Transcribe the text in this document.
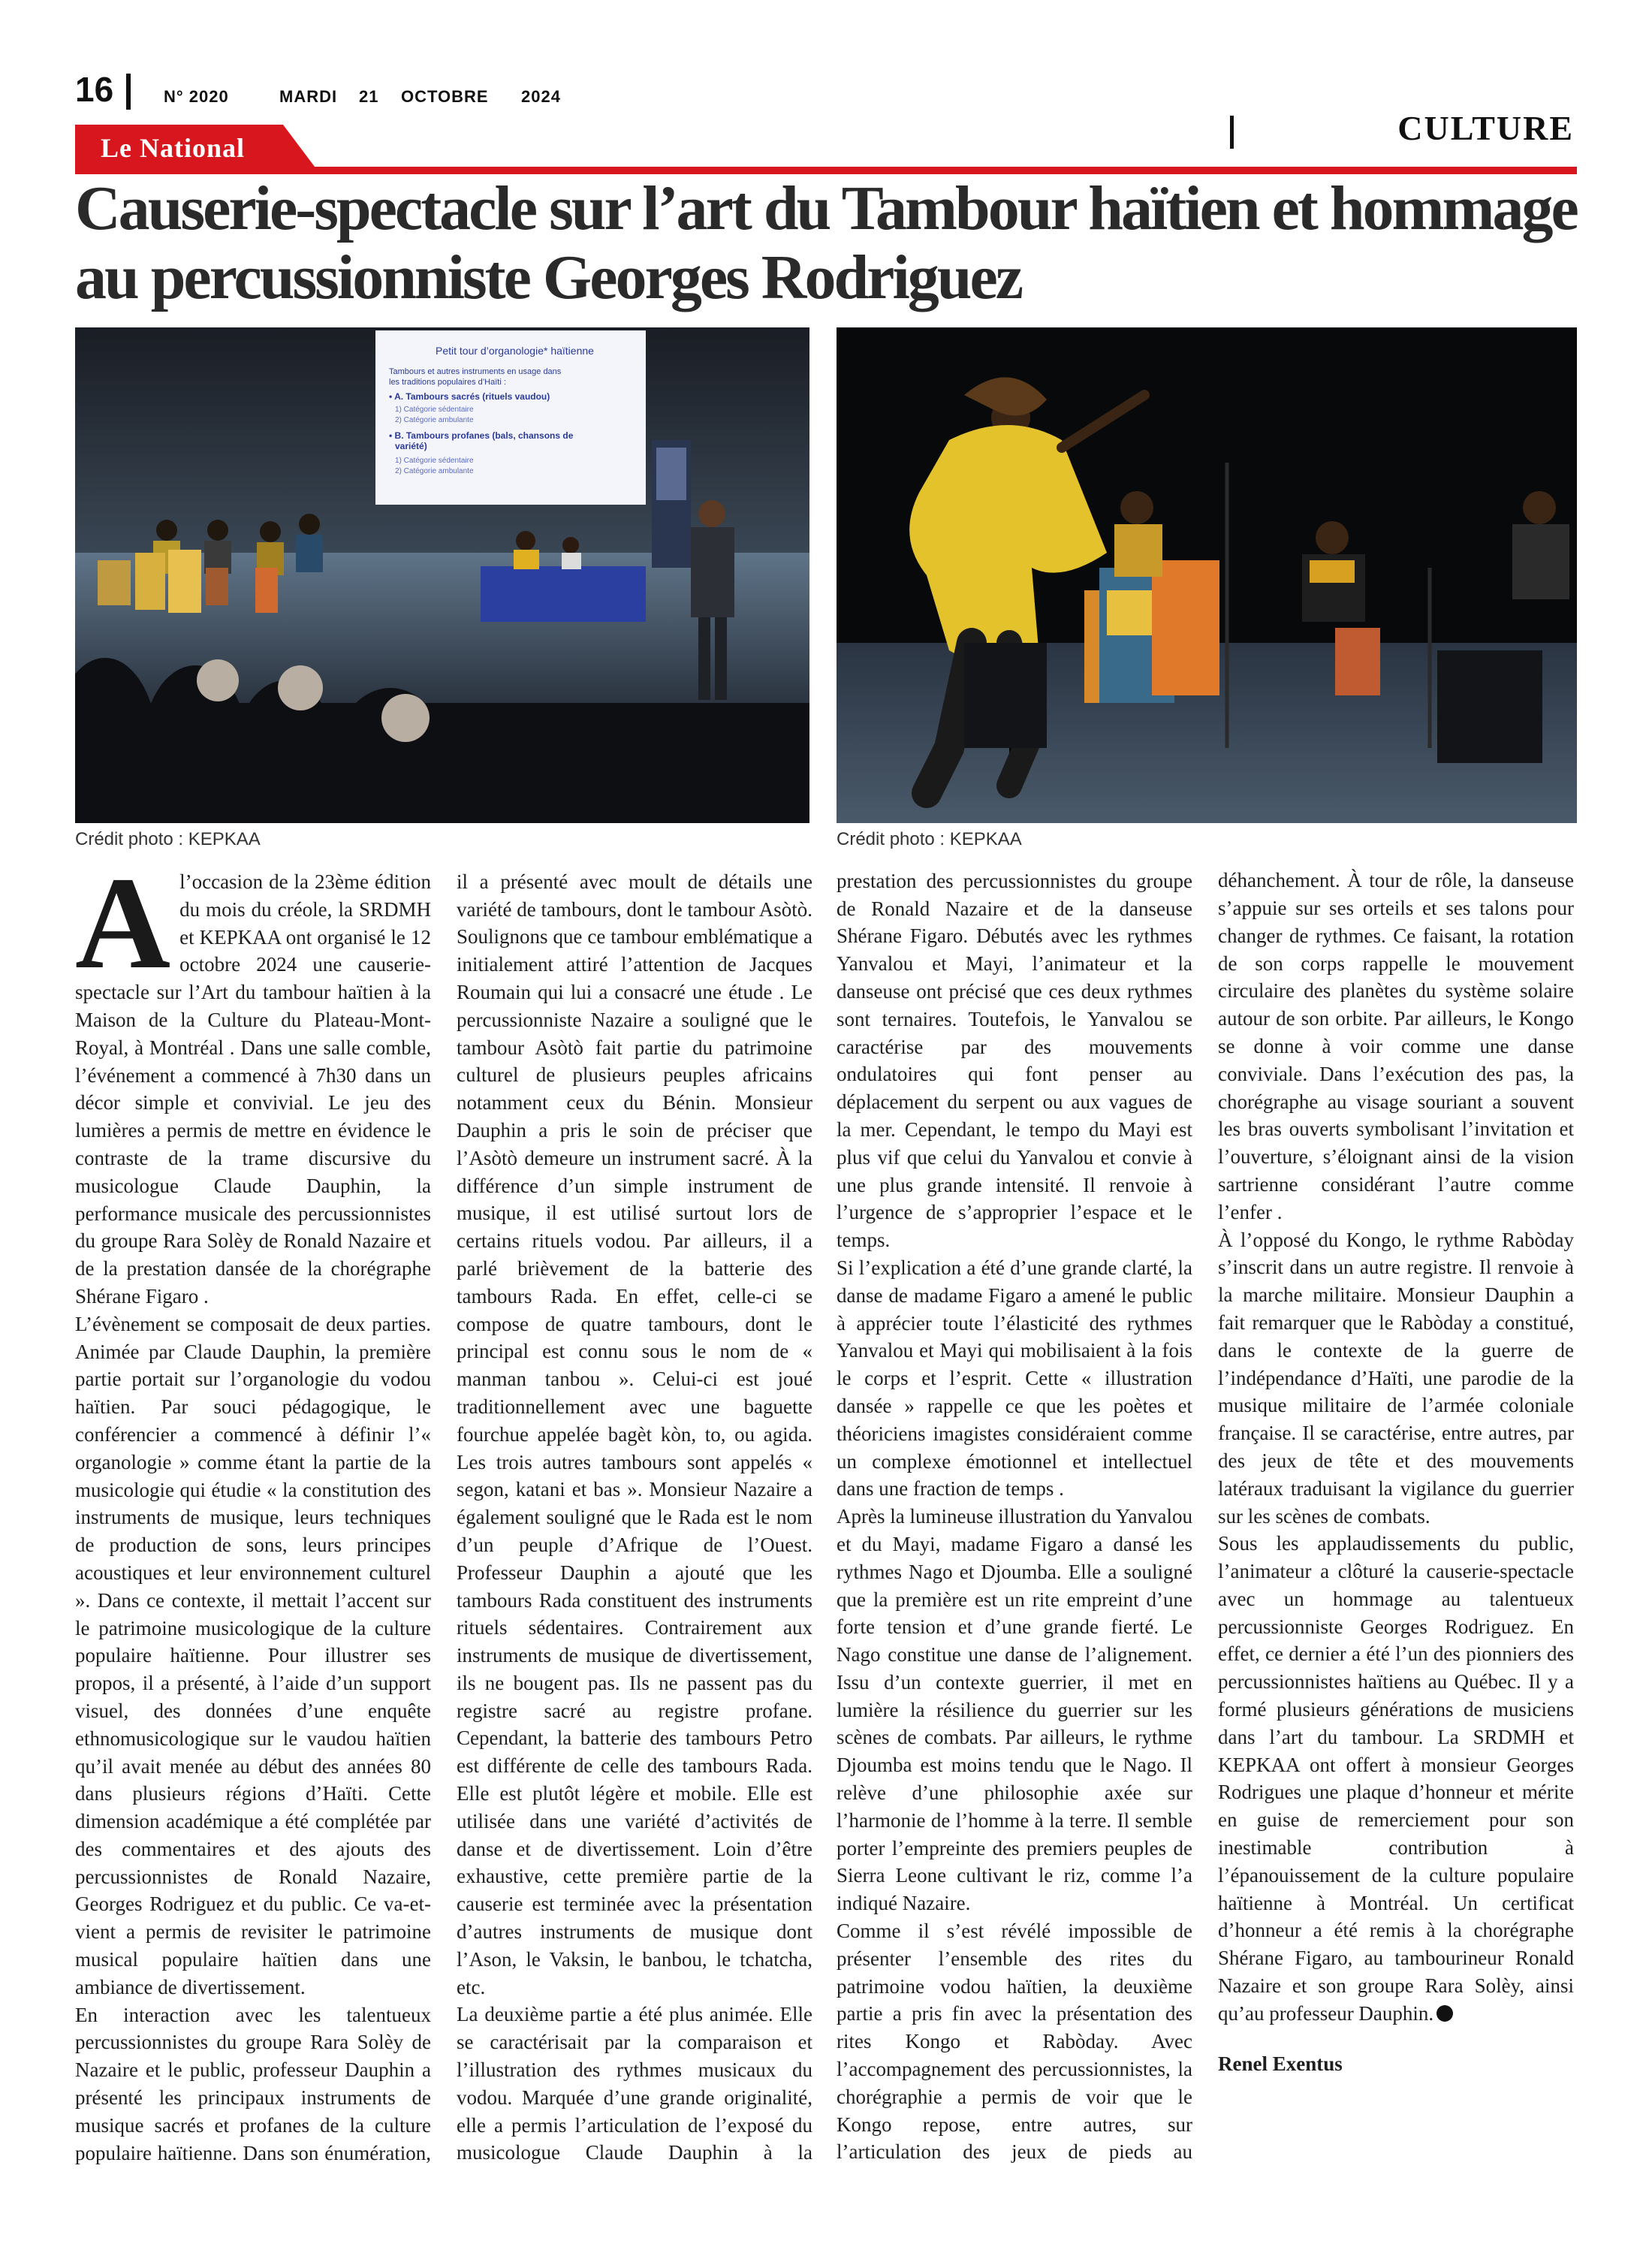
16	N° 2020	MARDI 21 OCTOBRE 2024
CULTURE
Le National
Causerie-spectacle sur l’art du Tambour haïtien et hommage au percussionniste Georges Rodriguez
Petit tour d’organologie* haïtienne
Tambours et autres instruments en usage dans
les traditions populaires d’Haïti :
• A. Tambours sacrés (rituels vaudou)
1) Catégorie sédentaire
2) Catégorie ambulante
• B. Tambours profanes (bals, chansons de
variété)
1) Catégorie sédentaire
2) Catégorie ambulante
Crédit photo : KEPKAA	Crédit photo : KEPKAA

Al’occasion de la 23ème édition du mois du créole, la SRDMH et KEPKAA ont organisé le 12 octobre 2024 une causerie-spectacle sur l’Art du tambour haïtien à la Maison de la Culture du Plateau-Mont-Royal, à Montréal . Dans une salle comble, l’événement a commencé à 7h30 dans un décor simple et convivial. Le jeu des lumières a permis de mettre en évidence le contraste de la trame discursive du musicologue Claude Dauphin, la performance musicale des percussionnistes du groupe Rara Solèy de Ronald Nazaire et de la prestation dansée de la chorégraphe Shérane Figaro .

L’évènement se composait de deux parties. Animée par Claude Dauphin, la première partie portait sur l’organologie du vodou haïtien. Par souci pédagogique, le conférencier a commencé à définir l’« organologie » comme étant la partie de la musicologie qui étudie « la constitution des instruments de musique, leurs techniques de production de sons, leurs principes acoustiques et leur environnement culturel ». Dans ce contexte, il mettait l’accent sur le patrimoine musicologique de la culture populaire haïtienne. Pour illustrer ses propos, il a présenté, à l’aide d’un support visuel, des données d’une enquête ethnomusicologique sur le vaudou haïtien qu’il avait menée au début des années 80 dans plusieurs régions d’Haïti. Cette dimension académique a été complétée par des commentaires et des ajouts des percussionnistes de Ronald Nazaire, Georges Rodriguez et du public. Ce va-et-vient a permis de revisiter le patrimoine musical populaire haïtien dans une ambiance de divertissement.

En interaction avec les talentueux percussionnistes du groupe Rara Solèy de Nazaire et le public, professeur Dauphin a présenté les principaux instruments de musique sacrés et profanes de la culture populaire haïtienne. Dans son énumération,

il a présenté avec moult de détails une variété de tambours, dont le tambour Asòtò. Soulignons que ce tambour emblématique a initialement attiré l’attention de Jacques Roumain qui lui a consacré une étude . Le percussionniste Nazaire a souligné que le tambour Asòtò fait partie du patrimoine culturel de plusieurs peuples africains notamment ceux du Bénin. Monsieur Dauphin a pris le soin de préciser que l’Asòtò demeure un instrument sacré. À la différence d’un simple instrument de musique, il est utilisé surtout lors de certains rituels vodou. Par ailleurs, il a parlé brièvement de la batterie des tambours Rada. En effet, celle-ci se compose de quatre tambours, dont le principal est connu sous le nom de « manman tanbou ». Celui-ci est joué traditionnellement avec une baguette fourchue appelée bagèt kòn, to, ou agida. Les trois autres tambours sont appelés « segon, katani et bas ». Monsieur Nazaire a également souligné que le Rada est le nom d’un peuple d’Afrique de l’Ouest. Professeur Dauphin a ajouté que les tambours Rada constituent des instruments rituels sédentaires. Contrairement aux instruments de musique de divertissement, ils ne bougent pas. Ils ne passent pas du registre sacré au registre profane. Cependant, la batterie des tambours Petro est différente de celle des tambours Rada. Elle est plutôt légère et mobile. Elle est utilisée dans une variété d’activités de danse et de divertissement. Loin d’être exhaustive, cette première partie de la causerie est terminée avec la présentation d’autres instruments de musique dont l’Ason, le Vaksin, le banbou, le tchatcha, etc.

La deuxième partie a été plus animée. Elle se caractérisait par la comparaison et l’illustration des rythmes musicaux du vodou. Marquée d’une grande originalité, elle a permis l’articulation de l’exposé du musicologue Claude Dauphin à la

prestation des percussionnistes du groupe de Ronald Nazaire et de la danseuse Shérane Figaro. Débutés avec les rythmes Yanvalou et Mayi, l’animateur et la danseuse ont précisé que ces deux rythmes sont ternaires. Toutefois, le Yanvalou se caractérise par des mouvements ondulatoires qui font penser au déplacement du serpent ou aux vagues de la mer. Cependant, le tempo du Mayi est plus vif que celui du Yanvalou et convie à une plus grande intensité. Il renvoie à l’urgence de s’approprier l’espace et le temps.

Si l’explication a été d’une grande clarté, la danse de madame Figaro a amené le public à apprécier toute l’élasticité des rythmes Yanvalou et Mayi qui mobilisaient à la fois le corps et l’esprit. Cette « illustration dansée » rappelle ce que les poètes et théoriciens imagistes considéraient comme un complexe émotionnel et intellectuel dans une fraction de temps .

Après la lumineuse illustration du Yanvalou et du Mayi, madame Figaro a dansé les rythmes Nago et Djoumba. Elle a souligné que la première est un rite empreint d’une forte tension et d’une grande fierté. Le Nago constitue une danse de l’alignement. Issu d’un contexte guerrier, il met en lumière la résilience du guerrier sur les scènes de combats. Par ailleurs, le rythme Djoumba est moins tendu que le Nago. Il relève d’une philosophie axée sur l’harmonie de l’homme à la terre. Il semble porter l’empreinte des premiers peuples de Sierra Leone cultivant le riz, comme l’a indiqué Nazaire.

Comme il s’est révélé impossible de présenter l’ensemble des rites du patrimoine vodou haïtien, la deuxième partie a pris fin avec la présentation des rites Kongo et Rabòday. Avec l’accompagnement des percussionnistes, la chorégraphie a permis de voir que le Kongo repose, entre autres, sur l’articulation des jeux de pieds au

déhanchement. À tour de rôle, la danseuse s’appuie sur ses orteils et ses talons pour changer de rythmes. Ce faisant, la rotation de son corps rappelle le mouvement circulaire des planètes du système solaire autour de son orbite. Par ailleurs, le Kongo se donne à voir comme une danse conviviale. Dans l’exécution des pas, la chorégraphe au visage souriant a souvent les bras ouverts symbolisant l’invitation et l’ouverture, s’éloignant ainsi de la vision sartrienne considérant l’autre comme l’enfer .

À l’opposé du Kongo, le rythme Rabòday s’inscrit dans un autre registre. Il renvoie à la marche militaire. Monsieur Dauphin a fait remarquer que le Rabòday a constitué, dans le contexte de la guerre de l’indépendance d’Haïti, une parodie de la musique militaire de l’armée coloniale française. Il se caractérise, entre autres, par des jeux de tête et des mouvements latéraux traduisant la vigilance du guerrier sur les scènes de combats.

Sous les applaudissements du public, l’animateur a clôturé la causerie-spectacle avec un hommage au talentueux percussionniste Georges Rodriguez. En effet, ce dernier a été l’un des pionniers des percussionnistes haïtiens au Québec. Il y a formé plusieurs générations de musiciens dans l’art du tambour. La SRDMH et KEPKAA ont offert à monsieur Georges Rodrigues une plaque d’honneur et mérite en guise de remerciement pour son inestimable contribution à l’épanouissement de la culture populaire haïtienne à Montréal. Un certificat d’honneur a été remis à la chorégraphe Shérane Figaro, au tambourineur Ronald Nazaire et son groupe Rara Solèy, ainsi qu’au professeur Dauphin.

Renel Exentus
